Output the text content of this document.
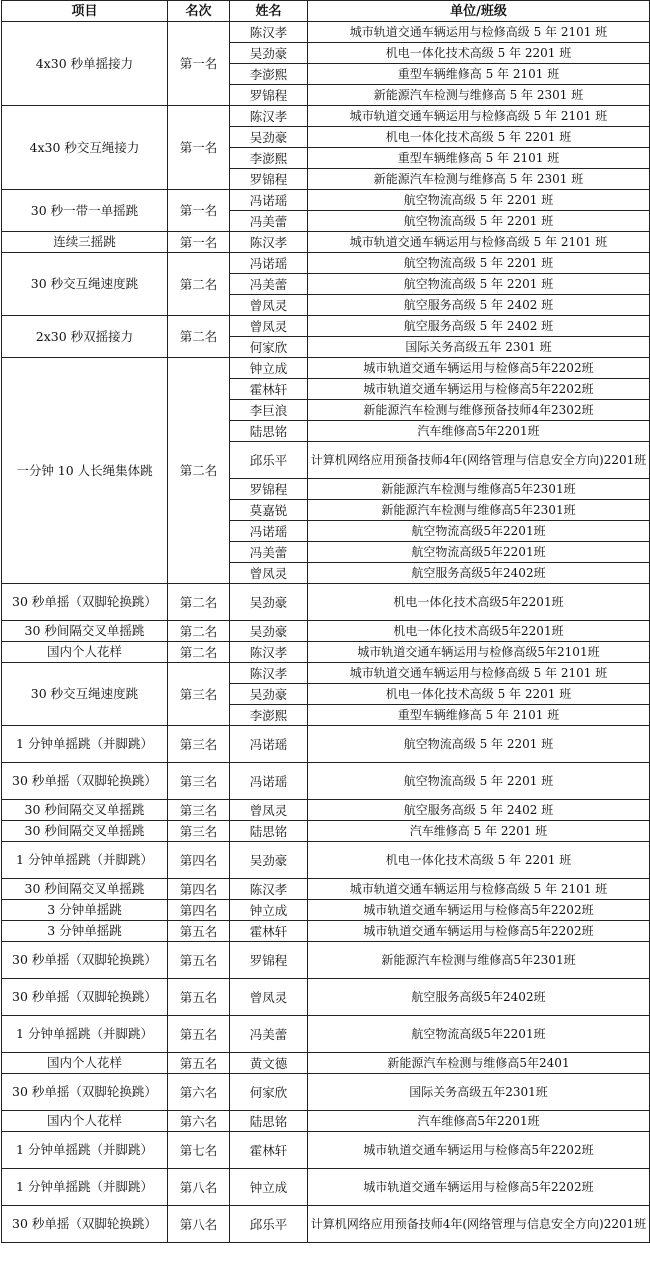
项目	名次	姓名	单位/班级
4x30 秒单摇接力	第一名	陈汉孝	城市轨道交通车辆运用与检修高级 5 年 2101 班
		吴劲豪	机电一体化技术高级 5 年 2201 班
		李澎熙	重型车辆维修高 5 年 2101 班
		罗锦程	新能源汽车检测与维修高 5 年 2301 班
4x30 秒交互绳接力	第一名	陈汉孝	城市轨道交通车辆运用与检修高级 5 年 2101 班
		吴劲豪	机电一体化技术高级 5 年 2201 班
		李澎熙	重型车辆维修高 5 年 2101 班
		罗锦程	新能源汽车检测与维修高 5 年 2301 班
30 秒一带一单摇跳	第一名	冯诺瑶	航空物流高级 5 年 2201 班
		冯美蕾	航空物流高级 5 年 2201 班
连续三摇跳	第一名	陈汉孝	城市轨道交通车辆运用与检修高级 5 年 2101 班
30 秒交互绳速度跳	第二名	冯诺瑶	航空物流高级 5 年 2201 班
		冯美蕾	航空物流高级 5 年 2201 班
		曾凤灵	航空服务高级 5 年 2402 班
2x30 秒双摇接力	第二名	曾凤灵	航空服务高级 5 年 2402 班
		何家欣	国际关务高级五年 2301 班
一分钟 10 人长绳集体跳	第二名	钟立成	城市轨道交通车辆运用与检修高5年2202班
		霍林轩	城市轨道交通车辆运用与检修高5年2202班
		李巨浪	新能源汽车检测与维修预备技师4年2302班
		陆思铭	汽车维修高5年2201班
		邱乐平	计算机网络应用预备技师4年(网络管理与信息安全方向)2201班
		罗锦程	新能源汽车检测与维修高5年2301班
		莫嘉锐	新能源汽车检测与维修高5年2301班
		冯诺瑶	航空物流高级5年2201班
		冯美蕾	航空物流高级5年2201班
		曾凤灵	航空服务高级5年2402班
30 秒单摇（双脚轮换跳）	第二名	吴劲豪	机电一体化技术高级5年2201班
30 秒间隔交叉单摇跳	第二名	吴劲豪	机电一体化技术高级5年2201班
国内个人花样	第二名	陈汉孝	城市轨道交通车辆运用与检修高级5年2101班
30 秒交互绳速度跳	第三名	陈汉孝	城市轨道交通车辆运用与检修高级 5 年 2101 班
		吴劲豪	机电一体化技术高级 5 年 2201 班
		李澎熙	重型车辆维修高 5 年 2101 班
1 分钟单摇跳（并脚跳）	第三名	冯诺瑶	航空物流高级 5 年 2201 班
30 秒单摇（双脚轮换跳）	第三名	冯诺瑶	航空物流高级 5 年 2201 班
30 秒间隔交叉单摇跳	第三名	曾凤灵	航空服务高级 5 年 2402 班
30 秒间隔交叉单摇跳	第三名	陆思铭	汽车维修高 5 年 2201 班
1 分钟单摇跳（并脚跳）	第四名	吴劲豪	机电一体化技术高级 5 年 2201 班
30 秒间隔交叉单摇跳	第四名	陈汉孝	城市轨道交通车辆运用与检修高级 5 年 2101 班
3 分钟单摇跳	第四名	钟立成	城市轨道交通车辆运用与检修高5年2202班
3 分钟单摇跳	第五名	霍林轩	城市轨道交通车辆运用与检修高5年2202班
30 秒单摇（双脚轮换跳）	第五名	罗锦程	新能源汽车检测与维修高5年2301班
30 秒单摇（双脚轮换跳）	第五名	曾凤灵	航空服务高级5年2402班
1 分钟单摇跳（并脚跳）	第五名	冯美蕾	航空物流高级5年2201班
国内个人花样	第五名	黄文德	新能源汽车检测与维修高5年2401
30 秒单摇（双脚轮换跳）	第六名	何家欣	国际关务高级五年2301班
国内个人花样	第六名	陆思铭	汽车维修高5年2201班
1 分钟单摇跳（并脚跳）	第七名	霍林轩	城市轨道交通车辆运用与检修高5年2202班
1 分钟单摇跳（并脚跳）	第八名	钟立成	城市轨道交通车辆运用与检修高5年2202班
30 秒单摇（双脚轮换跳）	第八名	邱乐平	计算机网络应用预备技师4年(网络管理与信息安全方向)2201班
